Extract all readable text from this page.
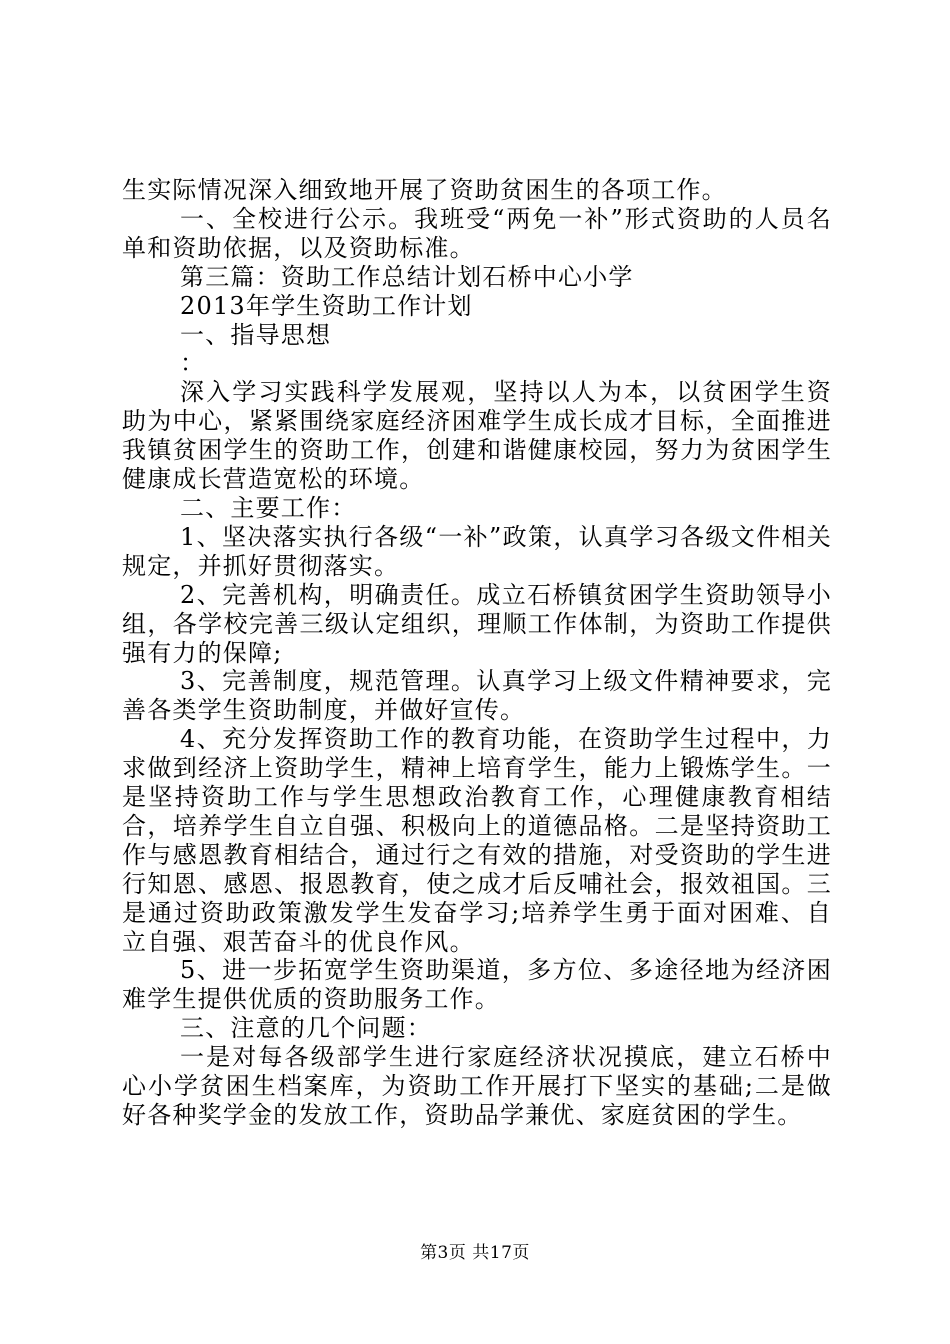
生实际情况深入细致地开展了资助贫困生的各项工作。

一、全校进行公示。我班受“两免一补”形式资助的人员名单和资助依据，以及资助标准。

第三篇：资助工作总结计划石桥中心小学

2013年学生资助工作计划

一、指导思想

：

深入学习实践科学发展观，坚持以人为本，以贫困学生资助为中心，紧紧围绕家庭经济困难学生成长成才目标，全面推进我镇贫困学生的资助工作，创建和谐健康校园，努力为贫困学生健康成长营造宽松的环境。

二、主要工作：

1、坚决落实执行各级“一补”政策，认真学习各级文件相关规定，并抓好贯彻落实。

2、完善机构，明确责任。成立石桥镇贫困学生资助领导小组，各学校完善三级认定组织，理顺工作体制，为资助工作提供强有力的保障;

3、完善制度，规范管理。认真学习上级文件精神要求，完善各类学生资助制度，并做好宣传。

4、充分发挥资助工作的教育功能，在资助学生过程中，力求做到经济上资助学生，精神上培育学生，能力上锻炼学生。一是坚持资助工作与学生思想政治教育工作，心理健康教育相结合，培养学生自立自强、积极向上的道德品格。二是坚持资助工作与感恩教育相结合，通过行之有效的措施，对受资助的学生进行知恩、感恩、报恩教育，使之成才后反哺社会，报效祖国。三是通过资助政策激发学生发奋学习;培养学生勇于面对困难、自立自强、艰苦奋斗的优良作风。

5、进一步拓宽学生资助渠道，多方位、多途径地为经济困难学生提供优质的资助服务工作。

三、注意的几个问题：

一是对每各级部学生进行家庭经济状况摸底，建立石桥中心小学贫困生档案库，为资助工作开展打下坚实的基础;二是做好各种奖学金的发放工作，资助品学兼优、家庭贫困的学生。

第3页 共17页
